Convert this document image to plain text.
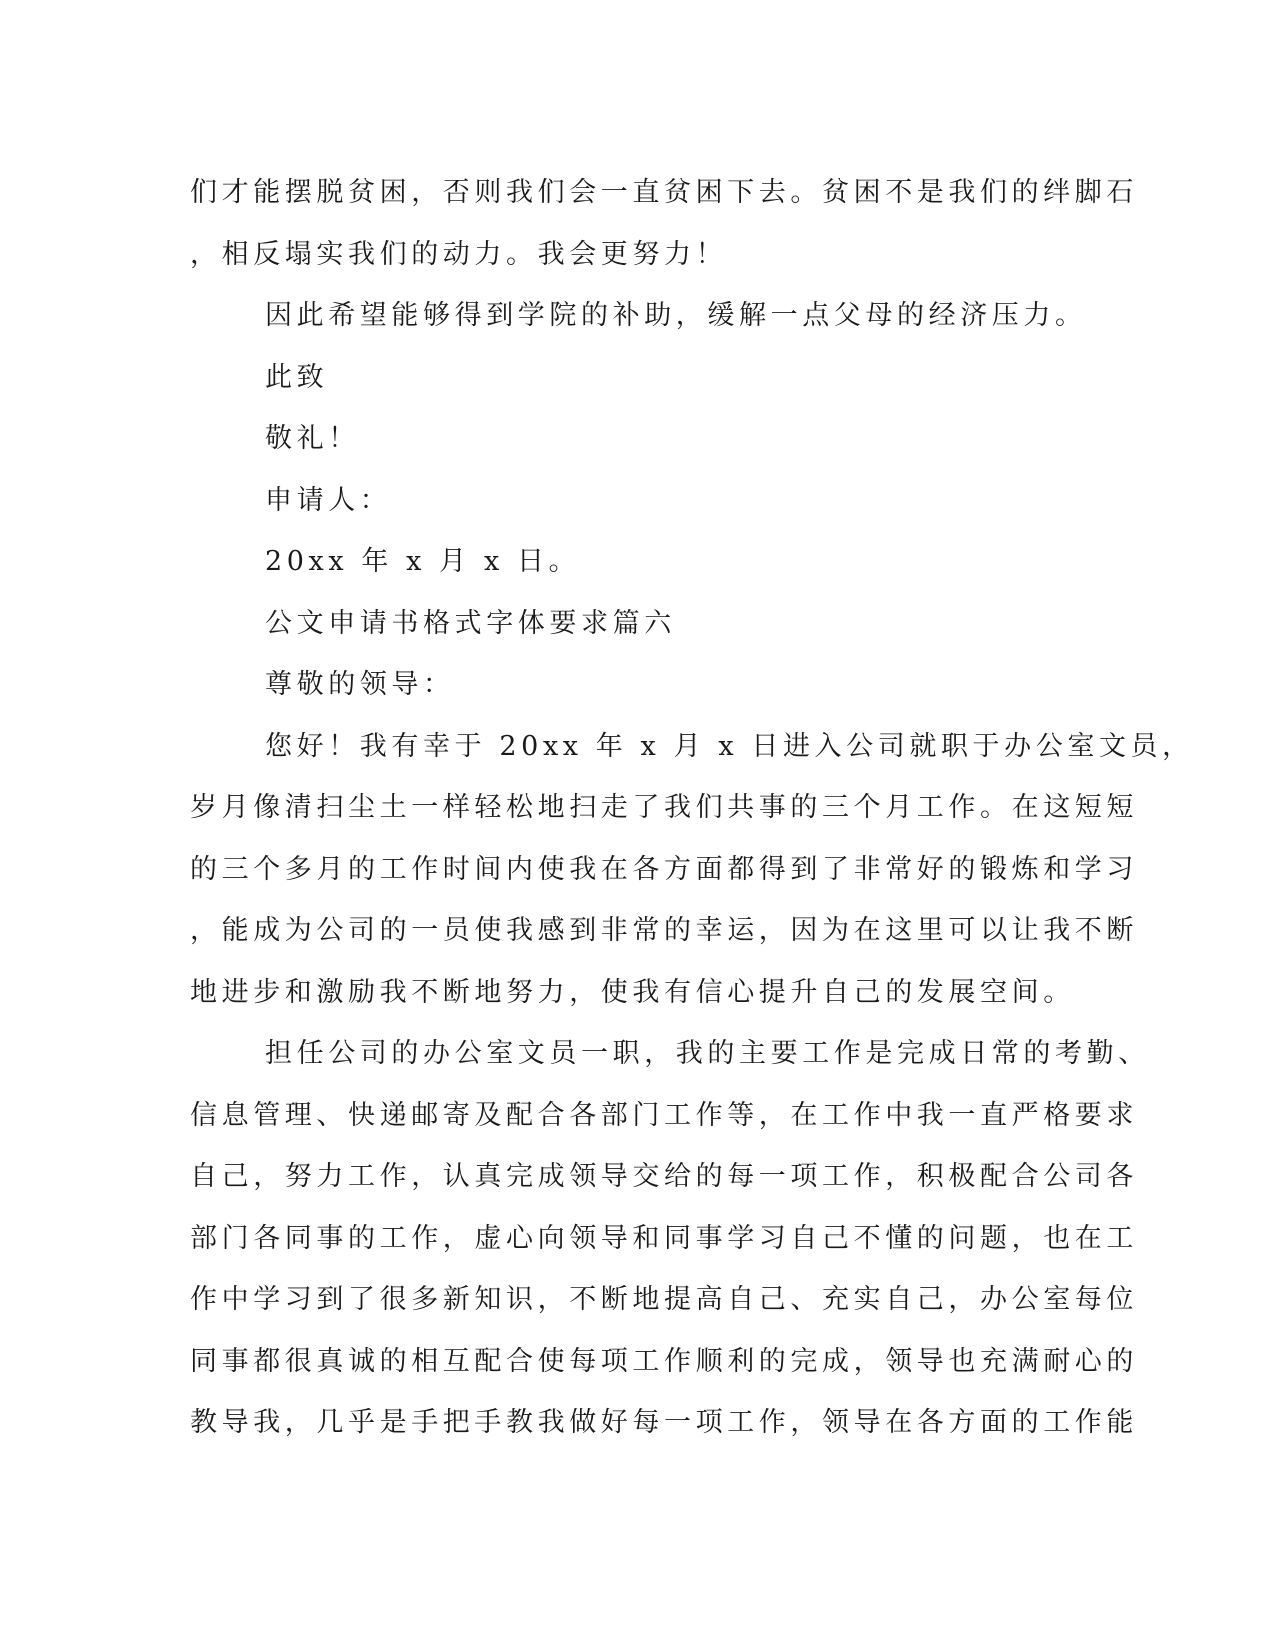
们才能摆脱贫困，否则我们会一直贫困下去。贫困不是我们的绊脚石
，相反塌实我们的动力。我会更努力！
因此希望能够得到学院的补助，缓解一点父母的经济压力。
此致
敬礼！
申请人：
20xx 年 x 月 x 日。
公文申请书格式字体要求篇六
尊敬的领导：
您好！我有幸于 20xx 年 x 月 x 日进入公司就职于办公室文员，
岁月像清扫尘土一样轻松地扫走了我们共事的三个月工作。在这短短
的三个多月的工作时间内使我在各方面都得到了非常好的锻炼和学习
，能成为公司的一员使我感到非常的幸运，因为在这里可以让我不断
地进步和激励我不断地努力，使我有信心提升自己的发展空间。
担任公司的办公室文员一职，我的主要工作是完成日常的考勤、
信息管理、快递邮寄及配合各部门工作等，在工作中我一直严格要求
自己，努力工作，认真完成领导交给的每一项工作，积极配合公司各
部门各同事的工作，虚心向领导和同事学习自己不懂的问题，也在工
作中学习到了很多新知识，不断地提高自己、充实自己，办公室每位
同事都很真诚的相互配合使每项工作顺利的完成，领导也充满耐心的
教导我，几乎是手把手教我做好每一项工作，领导在各方面的工作能
